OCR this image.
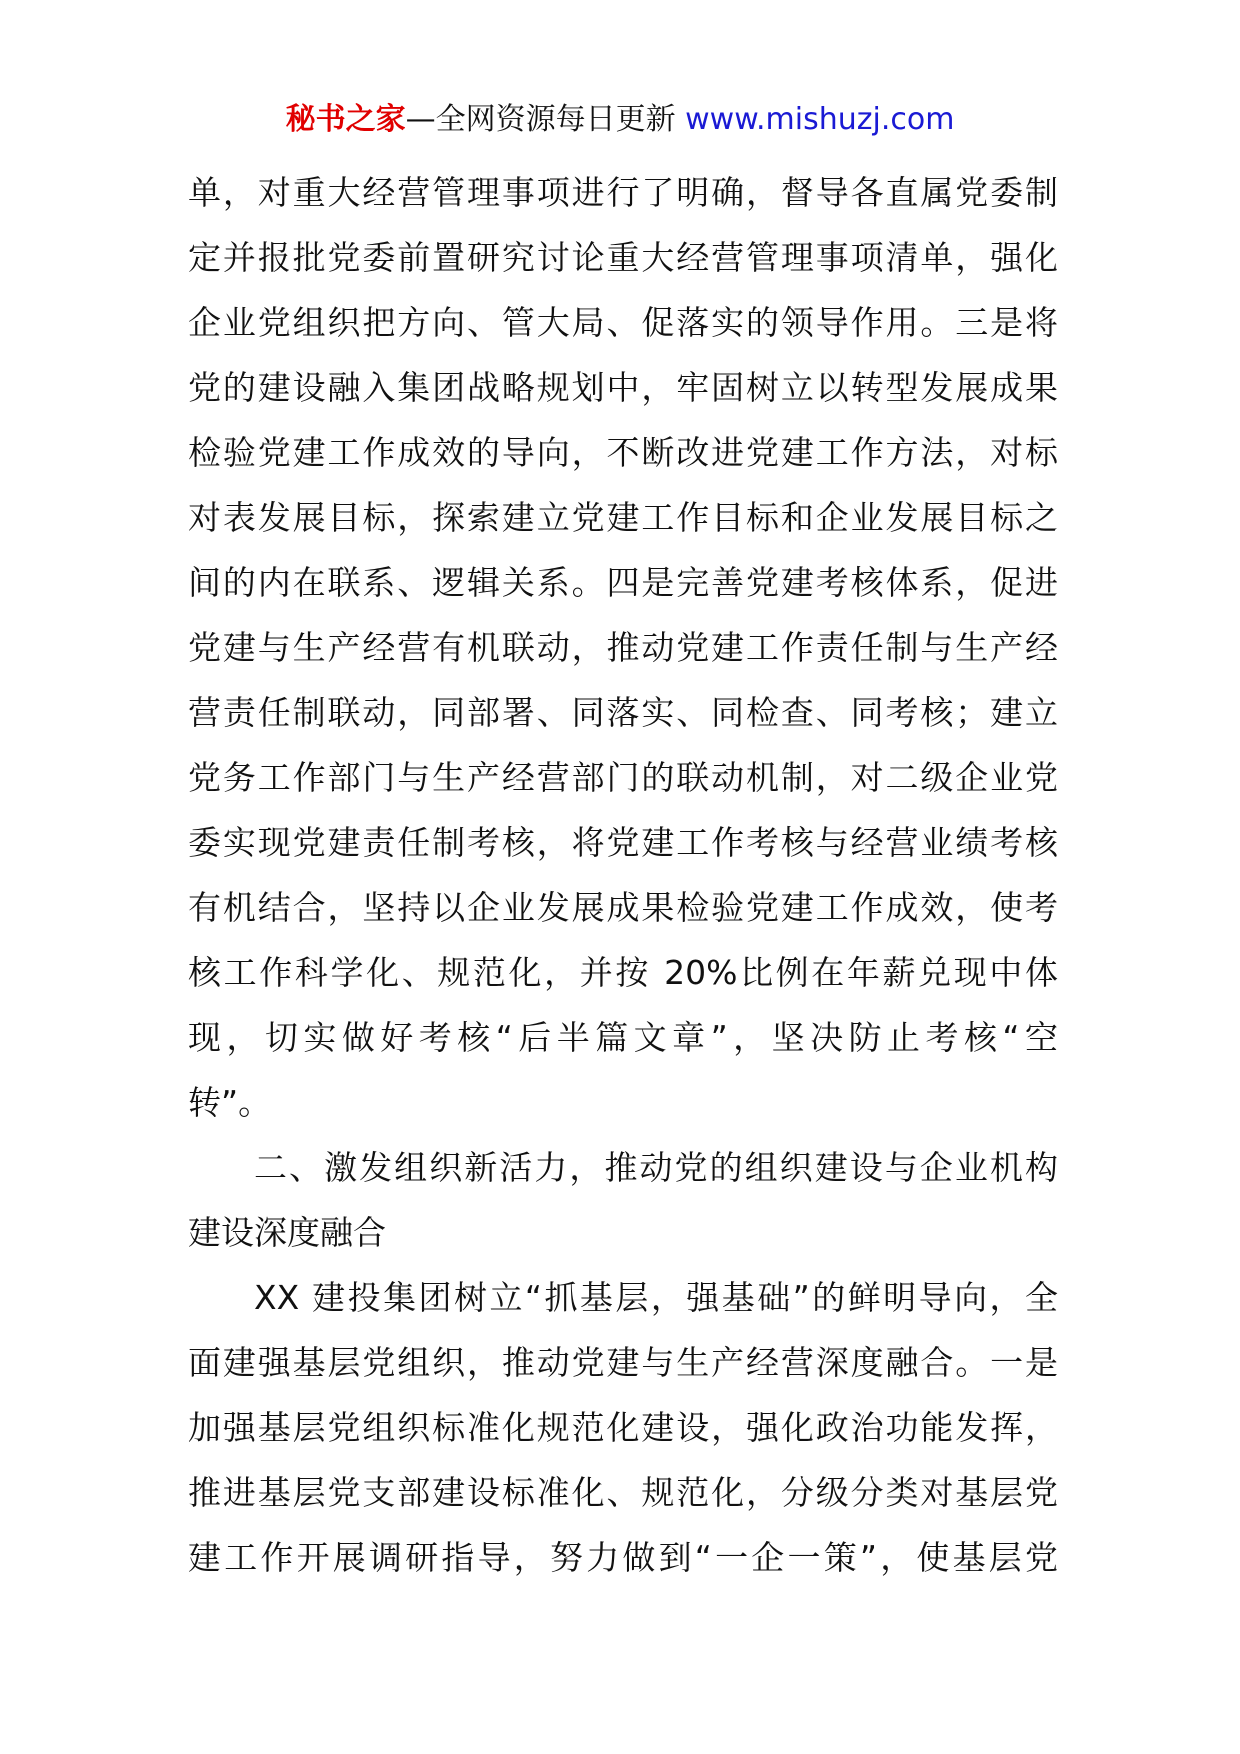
秘书之家—全网资源每日更新 www.mishuzj.com
单，对重大经营管理事项进行了明确，督导各直属党委制
定并报批党委前置研究讨论重大经营管理事项清单，强化
企业党组织把方向、管大局、促落实的领导作用。三是将
党的建设融入集团战略规划中，牢固树立以转型发展成果
检验党建工作成效的导向，不断改进党建工作方法，对标
对表发展目标，探索建立党建工作目标和企业发展目标之
间的内在联系、逻辑关系。四是完善党建考核体系，促进
党建与生产经营有机联动，推动党建工作责任制与生产经
营责任制联动，同部署、同落实、同检查、同考核；建立
党务工作部门与生产经营部门的联动机制，对二级企业党
委实现党建责任制考核，将党建工作考核与经营业绩考核
有机结合，坚持以企业发展成果检验党建工作成效，使考
核工作科学化、规范化，并按 20%比例在年薪兑现中体
现，切实做好考核“后半篇文章”，坚决防止考核“空
转”。
二、激发组织新活力，推动党的组织建设与企业机构
建设深度融合
XX 建投集团树立“抓基层，强基础”的鲜明导向，全
面建强基层党组织，推动党建与生产经营深度融合。一是
加强基层党组织标准化规范化建设，强化政治功能发挥，
推进基层党支部建设标准化、规范化，分级分类对基层党
建工作开展调研指导，努力做到“一企一策”，使基层党
